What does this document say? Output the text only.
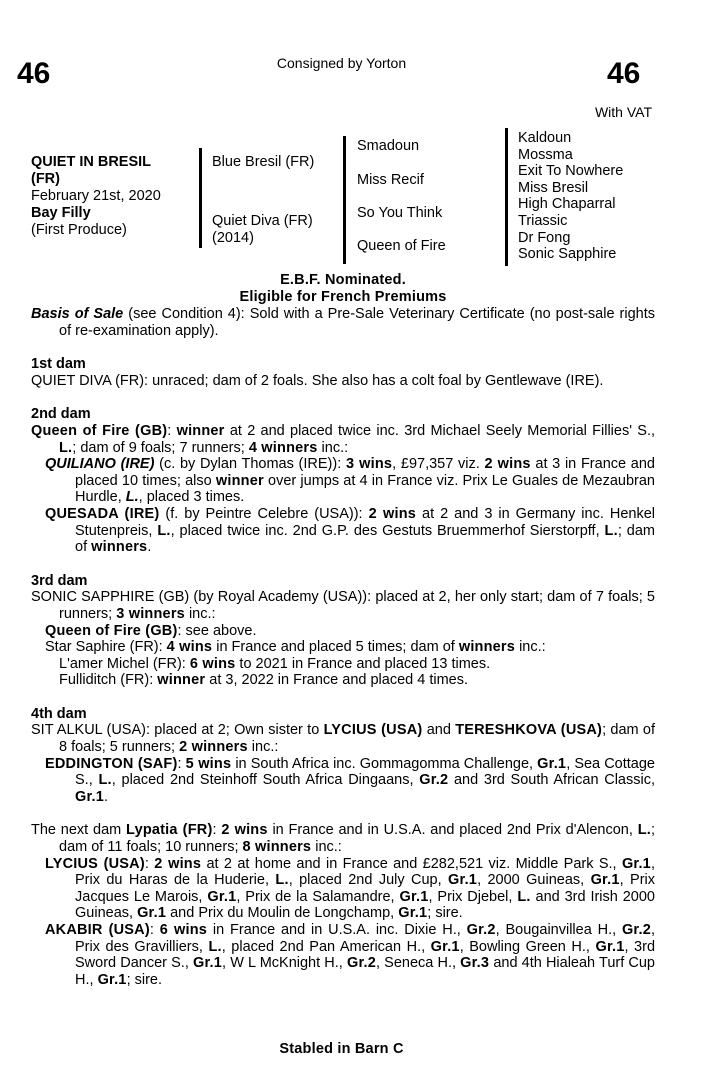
46	Consigned by Yorton	46
With VAT
QUIET IN BRESIL
(FR)
February 21st, 2020
Bay Filly
(First Produce)
Blue Bresil (FR)
Quiet Diva (FR)
(2014)
Smadoun
Miss Recif
So You Think
Queen of Fire
Kaldoun
Mossma
Exit To Nowhere
Miss Bresil
High Chaparral
Triassic
Dr Fong
Sonic Sapphire
E.B.F. Nominated.
Eligible for French Premiums

Basis of Sale (see Condition 4): Sold with a Pre-Sale Veterinary Certificate (no post-sale rights of re-examination apply).

1st dam

QUIET DIVA (FR): unraced; dam of 2 foals. She also has a colt foal by Gentlewave (IRE).

2nd dam

Queen of Fire (GB): winner at 2 and placed twice inc. 3rd Michael Seely Memorial Fillies' S., L.; dam of 9 foals; 7 runners; 4 winners inc.:

QUILIANO (IRE) (c. by Dylan Thomas (IRE)): 3 wins, £97,357 viz. 2 wins at 3 in France and placed 10 times; also winner over jumps at 4 in France viz. Prix Le Guales de Mezaubran Hurdle, L., placed 3 times.

QUESADA (IRE) (f. by Peintre Celebre (USA)): 2 wins at 2 and 3 in Germany inc. Henkel Stutenpreis, L., placed twice inc. 2nd G.P. des Gestuts Bruemmerhof Sierstorpff, L.; dam of winners.

3rd dam

SONIC SAPPHIRE (GB) (by Royal Academy (USA)): placed at 2, her only start; dam of 7 foals; 5 runners; 3 winners inc.:

Queen of Fire (GB): see above.

Star Saphire (FR): 4 wins in France and placed 5 times; dam of winners inc.:

L'amer Michel (FR): 6 wins to 2021 in France and placed 13 times.

Fulliditch (FR): winner at 3, 2022 in France and placed 4 times.

4th dam

SIT ALKUL (USA): placed at 2; Own sister to LYCIUS (USA) and TERESHKOVA (USA); dam of 8 foals; 5 runners; 2 winners inc.:

EDDINGTON (SAF): 5 wins in South Africa inc. Gommagomma Challenge, Gr.1, Sea Cottage S., L., placed 2nd Steinhoff South Africa Dingaans, Gr.2 and 3rd South African Classic, Gr.1.

The next dam Lypatia (FR): 2 wins in France and in U.S.A. and placed 2nd Prix d'Alencon, L.; dam of 11 foals; 10 runners; 8 winners inc.:

LYCIUS (USA): 2 wins at 2 at home and in France and £282,521 viz. Middle Park S., Gr.1, Prix du Haras de la Huderie, L., placed 2nd July Cup, Gr.1, 2000 Guineas, Gr.1, Prix Jacques Le Marois, Gr.1, Prix de la Salamandre, Gr.1, Prix Djebel, L. and 3rd Irish 2000 Guineas, Gr.1 and Prix du Moulin de Longchamp, Gr.1; sire.

AKABIR (USA): 6 wins in France and in U.S.A. inc. Dixie H., Gr.2, Bougainvillea H., Gr.2, Prix des Gravilliers, L., placed 2nd Pan American H., Gr.1, Bowling Green H., Gr.1, 3rd Sword Dancer S., Gr.1, W L McKnight H., Gr.2, Seneca H., Gr.3 and 4th Hialeah Turf Cup H., Gr.1; sire.

Stabled in Barn C
